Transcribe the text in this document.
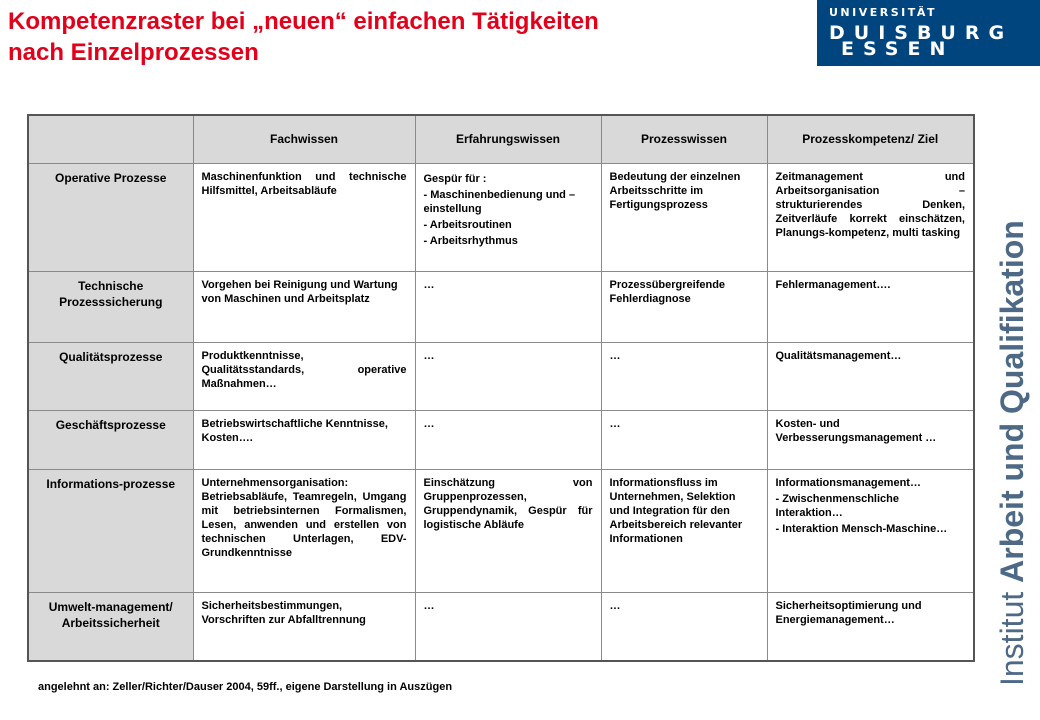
Kompetenzraster bei „neuen“ einfachen Tätigkeiten
nach Einzelprozessen
UNIVERSITÄT
DUISBURG
ESSEN
Institut Arbeit und Qualifikation
	Fachwissen	Erfahrungswissen	Prozesswissen	Prozesskompetenz/ Ziel
Operative Prozesse	Maschinenfunktion und technische Hilfsmittel, Arbeitsabläufe	Gespür für :
- Maschinenbedienung und –einstellung
- Arbeitsroutinen
- Arbeitsrhythmus	Bedeutung der einzelnen Arbeitsschritte im Fertigungsprozess	Zeitmanagement und Arbeitsorganisation – strukturierendes Denken, Zeitverläufe korrekt einschätzen, Planungs-kompetenz, multi tasking
Technische Prozesssicherung	Vorgehen bei Reinigung und Wartung von Maschinen und Arbeitsplatz	…	Prozessübergreifende Fehlerdiagnose	Fehlermanagement….
Qualitätsprozesse	Produktkenntnisse, Qualitätsstandards, operative Maßnahmen…	…	…	Qualitätsmanagement…
Geschäftsprozesse	Betriebswirtschaftliche Kenntnisse, Kosten….	…	…	Kosten- und Verbesserungsmanagement …
Informations-prozesse	Unternehmensorganisation: Betriebsabläufe, Teamregeln, Umgang mit betriebsinternen Formalismen, Lesen, anwenden und erstellen von technischen Unterlagen, EDV-Grundkenntnisse	Einschätzung von Gruppenprozessen, Gruppendynamik, Gespür für logistische Abläufe	Informationsfluss im Unternehmen, Selektion und Integration für den Arbeitsbereich relevanter Informationen	Informationsmanagement…
- Zwischenmenschliche Interaktion…
- Interaktion Mensch-Maschine…

Umwelt-management/ Arbeitssicherheit	Sicherheitsbestimmungen, Vorschriften zur Abfalltrennung	…	…	Sicherheitsoptimierung und Energiemanagement…
angelehnt an: Zeller/Richter/Dauser 2004, 59ff., eigene Darstellung in Auszügen
